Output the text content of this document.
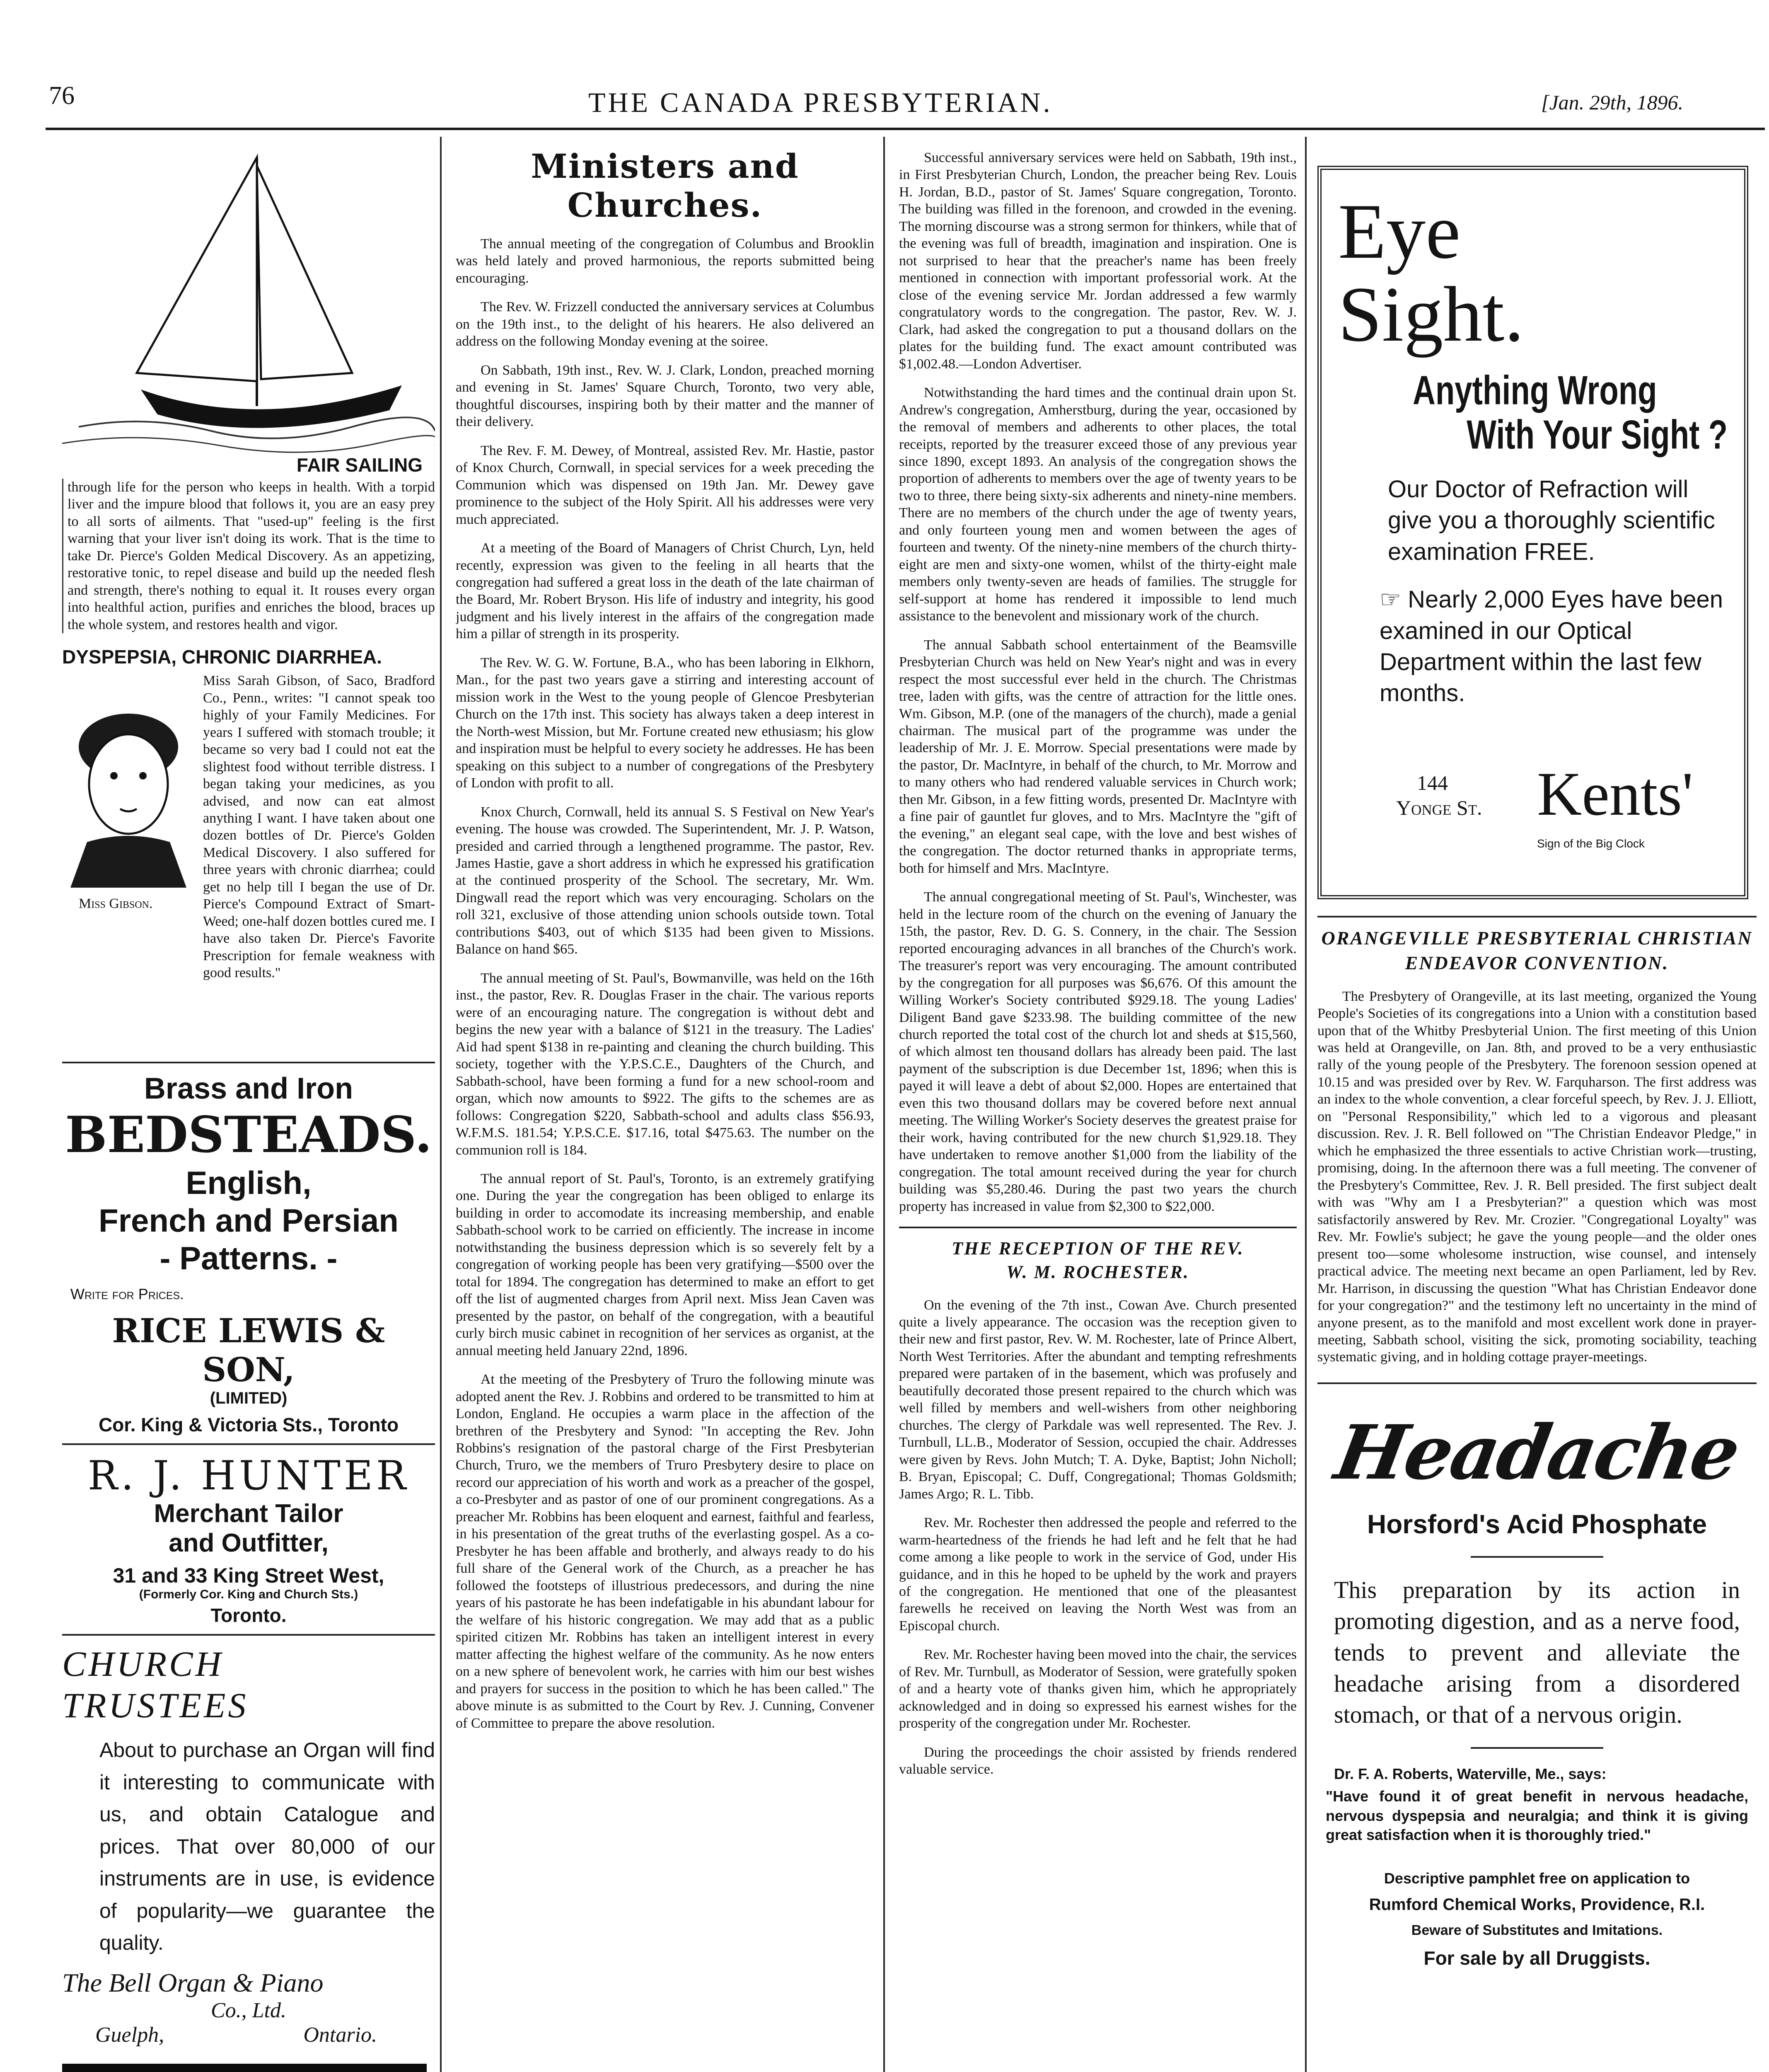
76	THE CANADA PRESBYTERIAN.	[Jan. 29th, 1896.
FAIR SAILING
through life for the person who keeps in health. With a torpid liver and the impure blood that follows it, you are an easy prey to all sorts of ailments. That "used-up" feeling is the first warning that your liver isn't doing its work. That is the time to take Dr. Pierce's Golden Medical Discovery. As an appetizing, restorative tonic, to repel disease and build up the needed flesh and strength, there's nothing to equal it. It rouses every organ into healthful action, purifies and enriches the blood, braces up the whole system, and restores health and vigor.
DYSPEPSIA, CHRONIC DIARRHEA.
Miss Gibson.
Miss Sarah Gibson, of Saco, Bradford Co., Penn., writes: "I cannot speak too highly of your Family Medicines. For years I suffered with stomach trouble; it became so very bad I could not eat the slightest food without terrible distress. I began taking your medicines, as you advised, and now can eat almost anything I want. I have taken about one dozen bottles of Dr. Pierce's Golden Medical Discovery. I also suffered for three years with chronic diarrhea; could get no help till I began the use of Dr. Pierce's Compound Extract of Smart-Weed; one-half dozen bottles cured me. I have also taken Dr. Pierce's Favorite Prescription for female weakness with good results."
Brass and Iron
BEDSTEADS.
English,
French and Persian
- Patterns. -
Write for Prices.
RICE LEWIS & SON,
(LIMITED)
Cor. King & Victoria Sts., Toronto
R. J. HUNTER
Merchant Tailor
and Outfitter,
31 and 33 King Street West,
(Formerly Cor. King and Church Sts.)
Toronto.
CHURCH
TRUSTEES
About to purchase an Organ will find it interesting to communicate with us, and obtain Catalogue and prices. That over 80,000 of our instruments are in use, is evidence of popularity—we guarantee the quality.
The Bell Organ & Piano
Co., Ltd.
Guelph,	Ontario.
Ministers and Churches.

The annual meeting of the congregation of Columbus and Brooklin was held lately and proved harmonious, the reports submitted being encouraging.

The Rev. W. Frizzell conducted the anniversary services at Columbus on the 19th inst., to the delight of his hearers. He also delivered an address on the following Monday evening at the soiree.

On Sabbath, 19th inst., Rev. W. J. Clark, London, preached morning and evening in St. James' Square Church, Toronto, two very able, thoughtful discourses, inspiring both by their matter and the manner of their delivery.

The Rev. F. M. Dewey, of Montreal, assisted Rev. Mr. Hastie, pastor of Knox Church, Cornwall, in special services for a week preceding the Communion which was dispensed on 19th Jan. Mr. Dewey gave prominence to the subject of the Holy Spirit. All his addresses were very much appreciated.

At a meeting of the Board of Managers of Christ Church, Lyn, held recently, expression was given to the feeling in all hearts that the congregation had suffered a great loss in the death of the late chairman of the Board, Mr. Robert Bryson. His life of industry and integrity, his good judgment and his lively interest in the affairs of the congregation made him a pillar of strength in its prosperity.

The Rev. W. G. W. Fortune, B.A., who has been laboring in Elkhorn, Man., for the past two years gave a stirring and interesting account of mission work in the West to the young people of Glencoe Presbyterian Church on the 17th inst. This society has always taken a deep interest in the North-west Mission, but Mr. Fortune created new ethusiasm; his glow and inspiration must be helpful to every society he addresses. He has been speaking on this subject to a number of congregations of the Presbytery of London with profit to all.

Knox Church, Cornwall, held its annual S. S Festival on New Year's evening. The house was crowded. The Superintendent, Mr. J. P. Watson, presided and carried through a lengthened programme. The pastor, Rev. James Hastie, gave a short address in which he expressed his gratification at the continued prosperity of the School. The secretary, Mr. Wm. Dingwall read the report which was very encouraging. Scholars on the roll 321, exclusive of those attending union schools outside town. Total contributions $403, out of which $135 had been given to Missions. Balance on hand $65.

The annual meeting of St. Paul's, Bowmanville, was held on the 16th inst., the pastor, Rev. R. Douglas Fraser in the chair. The various reports were of an encouraging nature. The congregation is without debt and begins the new year with a balance of $121 in the treasury. The Ladies' Aid had spent $138 in re-painting and cleaning the church building. This society, together with the Y.P.S.C.E., Daughters of the Church, and Sabbath-school, have been forming a fund for a new school-room and organ, which now amounts to $922. The gifts to the schemes are as follows: Congregation $220, Sabbath-school and adults class $56.93, W.F.M.S. 181.54; Y.P.S.C.E. $17.16, total $475.63. The number on the communion roll is 184.

The annual report of St. Paul's, Toronto, is an extremely gratifying one. During the year the congregation has been obliged to enlarge its building in order to accomodate its increasing membership, and enable Sabbath-school work to be carried on efficiently. The increase in income notwithstanding the business depression which is so severely felt by a congregation of working people has been very gratifying—$500 over the total for 1894. The congregation has determined to make an effort to get off the list of augmented charges from April next. Miss Jean Caven was presented by the pastor, on behalf of the congregation, with a beautiful curly birch music cabinet in recognition of her services as organist, at the annual meeting held January 22nd, 1896.

At the meeting of the Presbytery of Truro the following minute was adopted anent the Rev. J. Robbins and ordered to be transmitted to him at London, England. He occupies a warm place in the affection of the brethren of the Presbytery and Synod: "In accepting the Rev. John Robbins's resignation of the pastoral charge of the First Presbyterian Church, Truro, we the members of Truro Presbytery desire to place on record our appreciation of his worth and work as a preacher of the gospel, a co-Presbyter and as pastor of one of our prominent congregations. As a preacher Mr. Robbins has been eloquent and earnest, faithful and fearless, in his presentation of the great truths of the everlasting gospel. As a co-Presbyter he has been affable and brotherly, and always ready to do his full share of the General work of the Church, as a preacher he has followed the footsteps of illustrious predecessors, and during the nine years of his pastorate he has been indefatigable in his abundant labour for the welfare of his historic congregation. We may add that as a public spirited citizen Mr. Robbins has taken an intelligent interest in every matter affecting the highest welfare of the community. As he now enters on a new sphere of benevolent work, he carries with him our best wishes and prayers for success in the position to which he has been called." The above minute is as submitted to the Court by Rev. J. Cunning, Convener of Committee to prepare the above resolution.

Successful anniversary services were held on Sabbath, 19th inst., in First Presbyterian Church, London, the preacher being Rev. Louis H. Jordan, B.D., pastor of St. James' Square congregation, Toronto. The building was filled in the forenoon, and crowded in the evening. The morning discourse was a strong sermon for thinkers, while that of the evening was full of breadth, imagination and inspiration. One is not surprised to hear that the preacher's name has been freely mentioned in connection with important professorial work. At the close of the evening service Mr. Jordan addressed a few warmly congratulatory words to the congregation. The pastor, Rev. W. J. Clark, had asked the congregation to put a thousand dollars on the plates for the building fund. The exact amount contributed was $1,002.48.—London Advertiser.

Notwithstanding the hard times and the continual drain upon St. Andrew's congregation, Amherstburg, during the year, occasioned by the removal of members and adherents to other places, the total receipts, reported by the treasurer exceed those of any previous year since 1890, except 1893. An analysis of the congregation shows the proportion of adherents to members over the age of twenty years to be two to three, there being sixty-six adherents and ninety-nine members. There are no members of the church under the age of twenty years, and only fourteen young men and women between the ages of fourteen and twenty. Of the ninety-nine members of the church thirty-eight are men and sixty-one women, whilst of the thirty-eight male members only twenty-seven are heads of families. The struggle for self-support at home has rendered it impossible to lend much assistance to the benevolent and missionary work of the church.

The annual Sabbath school entertainment of the Beamsville Presbyterian Church was held on New Year's night and was in every respect the most successful ever held in the church. The Christmas tree, laden with gifts, was the centre of attraction for the little ones. Wm. Gibson, M.P. (one of the managers of the church), made a genial chairman. The musical part of the programme was under the leadership of Mr. J. E. Morrow. Special presentations were made by the pastor, Dr. MacIntyre, in behalf of the church, to Mr. Morrow and to many others who had rendered valuable services in Church work; then Mr. Gibson, in a few fitting words, presented Dr. MacIntyre with a fine pair of gauntlet fur gloves, and to Mrs. MacIntyre the "gift of the evening," an elegant seal cape, with the love and best wishes of the congregation. The doctor returned thanks in appropriate terms, both for himself and Mrs. MacIntyre.

The annual congregational meeting of St. Paul's, Winchester, was held in the lecture room of the church on the evening of January the 15th, the pastor, Rev. D. G. S. Connery, in the chair. The Session reported encouraging advances in all branches of the Church's work. The treasurer's report was very encouraging. The amount contributed by the congregation for all purposes was $6,676. Of this amount the Willing Worker's Society contributed $929.18. The young Ladies' Diligent Band gave $233.98. The building committee of the new church reported the total cost of the church lot and sheds at $15,560, of which almost ten thousand dollars has already been paid. The last payment of the subscription is due December 1st, 1896; when this is payed it will leave a debt of about $2,000. Hopes are entertained that even this two thousand dollars may be covered before next annual meeting. The Willing Worker's Society deserves the greatest praise for their work, having contributed for the new church $1,929.18. They have undertaken to remove another $1,000 from the liability of the congregation. The total amount received during the year for church building was $5,280.46. During the past two years the church property has increased in value from $2,300 to $22,000.

THE RECEPTION OF THE REV.
W. M. ROCHESTER.

On the evening of the 7th inst., Cowan Ave. Church presented quite a lively appearance. The occasion was the reception given to their new and first pastor, Rev. W. M. Rochester, late of Prince Albert, North West Territories. After the abundant and tempting refreshments prepared were partaken of in the basement, which was profusely and beautifully decorated those present repaired to the church which was well filled by members and well-wishers from other neighboring churches. The clergy of Parkdale was well represented. The Rev. J. Turnbull, LL.B., Moderator of Session, occupied the chair. Addresses were given by Revs. John Mutch; T. A. Dyke, Baptist; John Nicholl; B. Bryan, Episcopal; C. Duff, Congregational; Thomas Goldsmith; James Argo; R. L. Tibb.

Rev. Mr. Rochester then addressed the people and referred to the warm-heartedness of the friends he had left and he felt that he had come among a like people to work in the service of God, under His guidance, and in this he hoped to be upheld by the work and prayers of the congregation. He mentioned that one of the pleasantest farewells he received on leaving the North West was from an Episcopal church.

Rev. Mr. Rochester having been moved into the chair, the services of Rev. Mr. Turnbull, as Moderator of Session, were gratefully spoken of and a hearty vote of thanks given him, which he appropriately acknowledged and in doing so expressed his earnest wishes for the prosperity of the congregation under Mr. Rochester.

During the proceedings the choir assisted by friends rendered valuable service.

Eye
Sight.
Anything Wrong
With Your Sight ?
Our Doctor of Refraction will give you a thoroughly scientific examination FREE.
☞ Nearly 2,000 Eyes have been examined in our Optical Department within the last few months.
144
Yonge St. Kents'
Sign of the Big Clock
ORANGEVILLE PRESBYTERIAL CHRISTIAN ENDEAVOR CONVENTION.
The Presbytery of Orangeville, at its last meeting, organized the Young People's Societies of its congregations into a Union with a constitution based upon that of the Whitby Presbyterial Union. The first meeting of this Union was held at Orangeville, on Jan. 8th, and proved to be a very enthusiastic rally of the young people of the Presbytery. The forenoon session opened at 10.15 and was presided over by Rev. W. Farquharson. The first address was an index to the whole convention, a clear forceful speech, by Rev. J. J. Elliott, on "Personal Responsibility," which led to a vigorous and pleasant discussion. Rev. J. R. Bell followed on "The Christian Endeavor Pledge," in which he emphasized the three essentials to active Christian work—trusting, promising, doing. In the afternoon there was a full meeting. The convener of the Presbytery's Committee, Rev. J. R. Bell presided. The first subject dealt with was "Why am I a Presbyterian?" a question which was most satisfactorily answered by Rev. Mr. Crozier. "Congregational Loyalty" was Rev. Mr. Fowlie's subject; he gave the young people—and the older ones present too—some wholesome instruction, wise counsel, and intensely practical advice. The meeting next became an open Parliament, led by Rev. Mr. Harrison, in discussing the question "What has Christian Endeavor done for your congregation?" and the testimony left no uncertainty in the mind of anyone present, as to the manifold and most excellent work done in prayer-meeting, Sabbath school, visiting the sick, promoting sociability, teaching systematic giving, and in holding cottage prayer-meetings.
Headache
Horsford's Acid Phosphate
This preparation by its action in promoting digestion, and as a nerve food, tends to prevent and alleviate the headache arising from a disordered stomach, or that of a nervous origin.
Dr. F. A. Roberts, Waterville, Me., says:
"Have found it of great benefit in nervous headache, nervous dyspepsia and neuralgia; and think it is giving great satisfaction when it is thoroughly tried."
Descriptive pamphlet free on application to
Rumford Chemical Works, Providence, R.I.
Beware of Substitutes and Imitations.
For sale by all Druggists.
